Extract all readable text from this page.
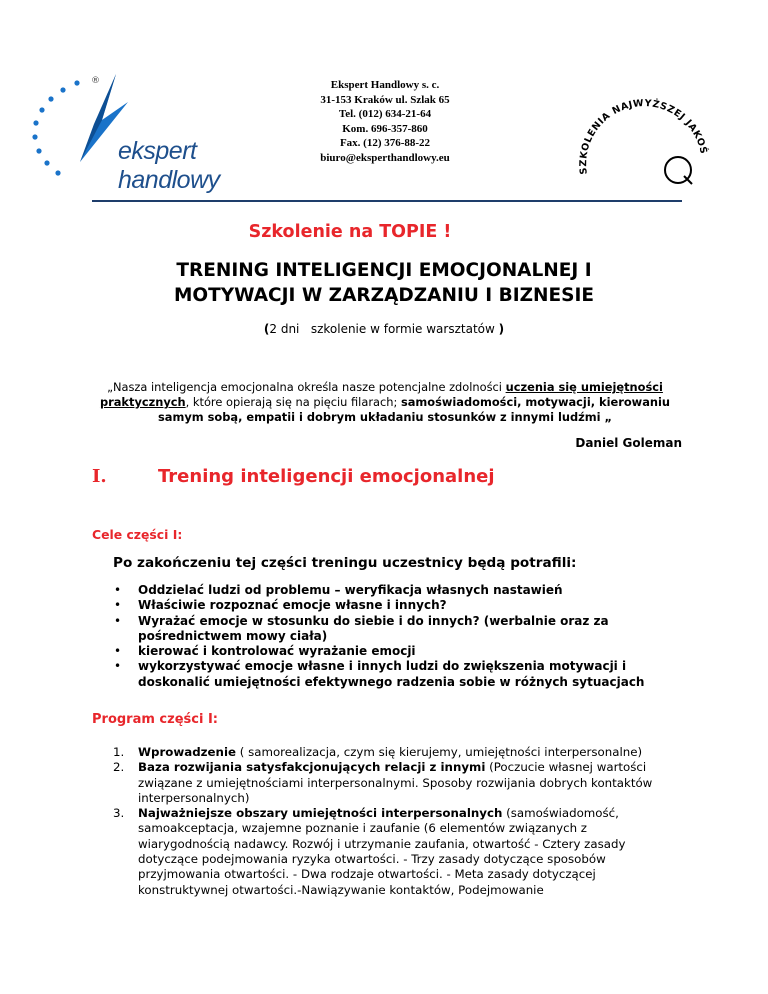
®
ekspert handlowy
Ekspert Handlowy s. c.
31-153 Kraków ul. Szlak 65
Tel. (012) 634-21-64
Kom. 696-357-860
Fax. (12) 376-88-22
biuro@eksperthandlowy.eu
SZKOLENIA NAJWYŻSZEJ JAKOŚ
Szkolenie na TOPIE !
TRENING INTELIGENCJI EMOCJONALNEJ I
MOTYWACJI W ZARZĄDZANIU I BIZNESIE
(2 dni   szkolenie w formie warsztatów )
„Nasza inteligencja emocjonalna określa nasze potencjalne zdolności uczenia się umiejętności praktycznych, które opierają się na pięciu filarach; samoświadomości, motywacji, kierowaniu samym sobą, empatii i dobrym układaniu stosunków z innymi ludźmi „
Daniel Goleman
I.	Trening inteligencji emocjonalnej
Cele części I:
Po zakończeniu tej części treningu uczestnicy będą potrafili:
• Oddzielać ludzi od problemu – weryfikacja własnych nastawień
• Właściwie rozpoznać emocje własne i innych?
• Wyrażać emocje w stosunku do siebie i do innych? (werbalnie oraz za pośrednictwem mowy ciała)
• kierować i kontrolować wyrażanie emocji
• wykorzystywać emocje własne i innych ludzi do zwiększenia motywacji i doskonalić umiejętności efektywnego radzenia sobie w różnych sytuacjach
Program części I:
1. Wprowadzenie ( samorealizacja, czym się kierujemy, umiejętności interpersonalne)
2. Baza rozwijania satysfakcjonujących relacji z innymi (Poczucie własnej wartości związane z umiejętnościami interpersonalnymi. Sposoby rozwijania dobrych kontaktów interpersonalnych)
3. Najważniejsze obszary umiejętności interpersonalnych (samoświadomość, samoakceptacja, wzajemne poznanie i zaufanie (6 elementów związanych z wiarygodnością nadawcy. Rozwój i utrzymanie zaufania, otwartość - Cztery zasady dotyczące podejmowania ryzyka otwartości. - Trzy zasady dotyczące sposobów przyjmowania otwartości. - Dwa rodzaje otwartości. - Meta zasady dotyczącej konstruktywnej otwartości.-Nawiązywanie kontaktów, Podejmowanie
